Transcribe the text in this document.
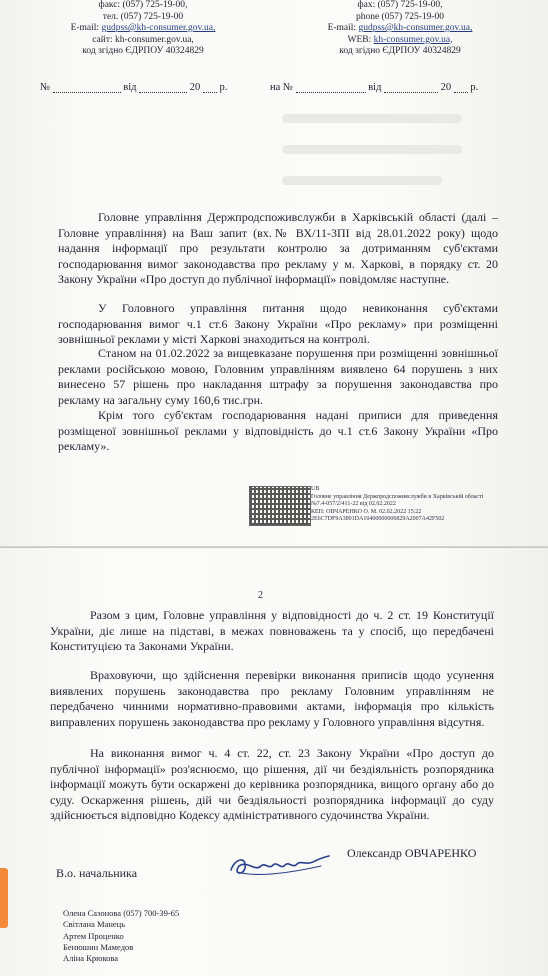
факс: (057) 725-19-00,
тел. (057) 725-19-00
E-mail: gudpss@kh-consumer.gov.ua,
сайт: kh-consumer.gov.ua,
код згідно ЄДРПОУ 40324829
фах: (057) 725-19-00,
phone (057) 725-19-00
E-mail: gudpss@kh-consumer.gov.ua,
WEB: kh-consumer.gov.ua,
код згідно ЄДРПОУ 40324829
№	від	20 р.	на №	від	20 р.

Головне управління Держпродспоживслужби в Харківській області (далі – Головне управління) на Ваш запит (вх.№ ВХ/11-3ПІ від 28.01.2022 року) щодо надання інформації про результати контролю за дотриманням суб'єктами господарювання вимог законодавства про рекламу у м. Харкові, в порядку ст. 20 Закону України «Про доступ до публічної інформації» повідомляє наступне.

У Головного управління питання щодо невиконання суб'єктами господарювання вимог ч.1 ст.6 Закону України «Про рекламу» при розміщенні зовнішньої реклами у місті Харкові знаходиться на контролі.

Станом на 01.02.2022 за вищевказане порушення при розміщенні зовнішньої реклами російською мовою, Головним управлінням виявлено 64 порушень з них винесено 57 рішень про накладання штрафу за порушення законодавства про рекламу на загальну суму 160,6 тис.грн.

Крім того суб'єктам господарювання надані приписи для приведення розміщеної зовнішньої реклами у відповідність до ч.1 ст.6 Закону України «Про рекламу».

UB
Головне управління Держпродспоживслужби в Харківській області
№7.4-057/2/411-22 від 02.02.2022
КЕП: ОВЧАРЕНКО О. М. 02.02.2022 15:22
2E6C7DF9A3891DA10400000006829A2007A42F502
2

Разом з цим, Головне управління у відповідності до ч. 2 ст. 19 Конституції України, діє лише на підставі, в межах повноважень та у спосіб, що передбачені Конституцією та Законами України.

Враховуючи, що здійснення перевірки виконання приписів щодо усунення виявлених порушень законодавства про рекламу Головним управлінням не передбачено чинними нормативно-правовими актами, інформація про кількість виправлених порушень законодавства про рекламу у Головного управління відсутня.

На виконання вимог ч. 4 ст. 22, ст. 23 Закону України «Про доступ до публічної інформації» роз'яснюємо, що рішення, дії чи бездіяльність розпорядника інформації можуть бути оскаржені до керівника розпорядника, вищого органу або до суду. Оскарження рішень, дій чи бездіяльності розпорядника інформації до суду здійснюється відповідно Кодексу адміністративного судочинства України.

В.о. начальника
Олександр ОВЧАРЕНКО
Олена Сазонова (057) 700-39-65
Світлана Манець
Артем Проценко
Бенюшин Мамедов
Аліна Крюкова
